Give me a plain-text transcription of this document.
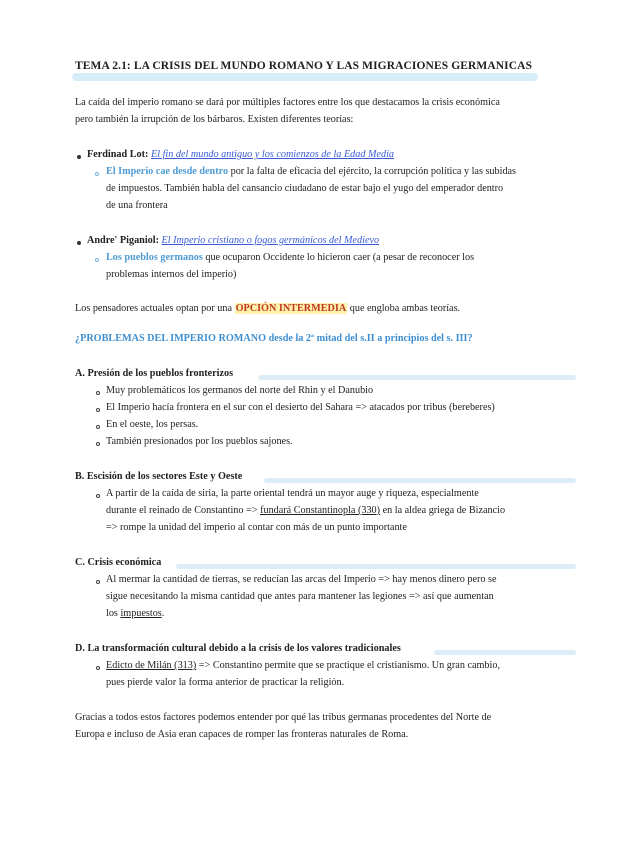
TEMA 2.1: LA CRISIS DEL MUNDO ROMANO Y LAS MIGRACIONES GERMANICAS

La caída del imperio romano se dará por múltiples factores entre los que destacamos la crisis económica

pero también la irrupción de los bárbaros. Existen diferentes teorías:

Ferdinad Lot: El fin del mundo antiguo y los comienzos de la Edad Media

El Imperio cae desde dentro por la falta de eficacia del ejército, la corrupción política y las subidas

de impuestos. También habla del cansancio ciudadano de estar bajo el yugo del emperador dentro

de una frontera

Andre' Piganiol: El Imperio cristiano o fogos germánicos del Medievo

Los pueblos germanos que ocuparon Occidente lo hicieron caer (a pesar de reconocer los

problemas internos del imperio)

Los pensadores actuales optan por una OPCIÓN INTERMEDIA que engloba ambas teorías.

¿PROBLEMAS DEL IMPERIO ROMANO desde la 2ª mitad del s.II a principios del s. III?
A. Presión de los pueblos fronterizos

Muy problemáticos los germanos del norte del Rhin y el Danubio

El Imperio hacía frontera en el sur con el desierto del Sahara => atacados por tribus (bereberes)

En el oeste, los persas.

También presionados por los pueblos sajones.

B. Escisión de los sectores Este y Oeste

A partir de la caída de siria, la parte oriental tendrá un mayor auge y riqueza, especialmente

durante el reinado de Constantino => fundará Constantinopla (330) en la aldea griega de Bizancio

=> rompe la unidad del imperio al contar con más de un punto importante

C. Crisis económica

Al mermar la cantidad de tierras, se reducían las arcas del Imperio => hay menos dinero pero se

sigue necesitando la misma cantidad que antes para mantener las legiones => así que aumentan

los impuestos.

D. La transformación cultural debido a la crisis de los valores tradicionales

Edicto de Milán (313) => Constantino permite que se practique el cristianismo. Un gran cambio,

pues pierde valor la forma anterior de practicar la religión.

Gracias a todos estos factores podemos entender por qué las tribus germanas procedentes del Norte de

Europa e incluso de Asia eran capaces de romper las fronteras naturales de Roma.
